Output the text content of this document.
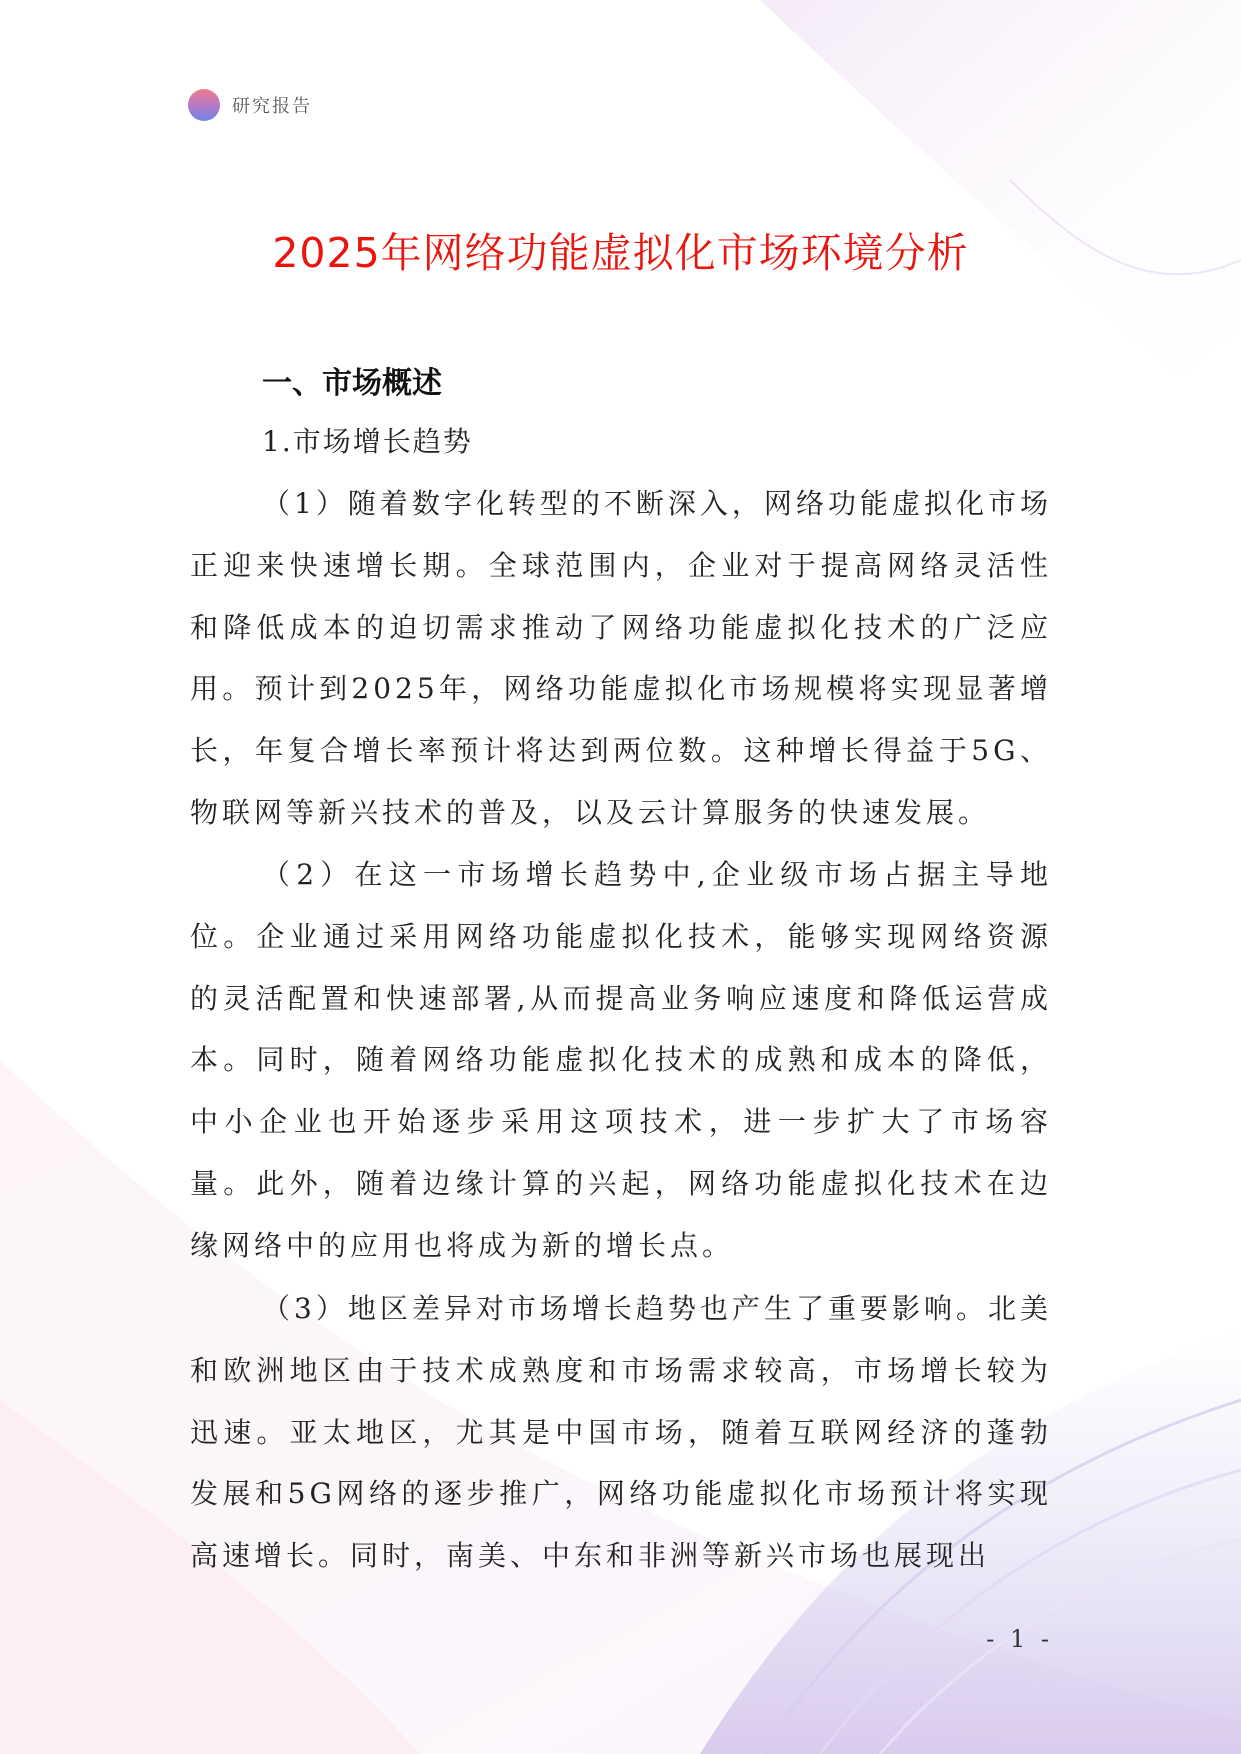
研究报告
2025年网络功能虚拟化市场环境分析
一、市场概述
1.市场增长趋势

（1）随着数字化转型的不断深入，网络功能虚拟化市场正迎来快速增长期。全球范围内，企业对于提高网络灵活性和降低成本的迫切需求推动了网络功能虚拟化技术的广泛应用。预计到2025年，网络功能虚拟化市场规模将实现显著增长，年复合增长率预计将达到两位数。这种增长得益于5G、物联网等新兴技术的普及，以及云计算服务的快速发展。

（2）在这一市场增长趋势中,企业级市场占据主导地位。企业通过采用网络功能虚拟化技术，能够实现网络资源的灵活配置和快速部署,从而提高业务响应速度和降低运营成本。同时，随着网络功能虚拟化技术的成熟和成本的降低，中小企业也开始逐步采用这项技术，进一步扩大了市场容量。此外，随着边缘计算的兴起，网络功能虚拟化技术在边缘网络中的应用也将成为新的增长点。

（3）地区差异对市场增长趋势也产生了重要影响。北美和欧洲地区由于技术成熟度和市场需求较高，市场增长较为迅速。亚太地区，尤其是中国市场，随着互联网经济的蓬勃发展和5G网络的逐步推广，网络功能虚拟化市场预计将实现高速增长。同时，南美、中东和非洲等新兴市场也展现出

- 1 -
